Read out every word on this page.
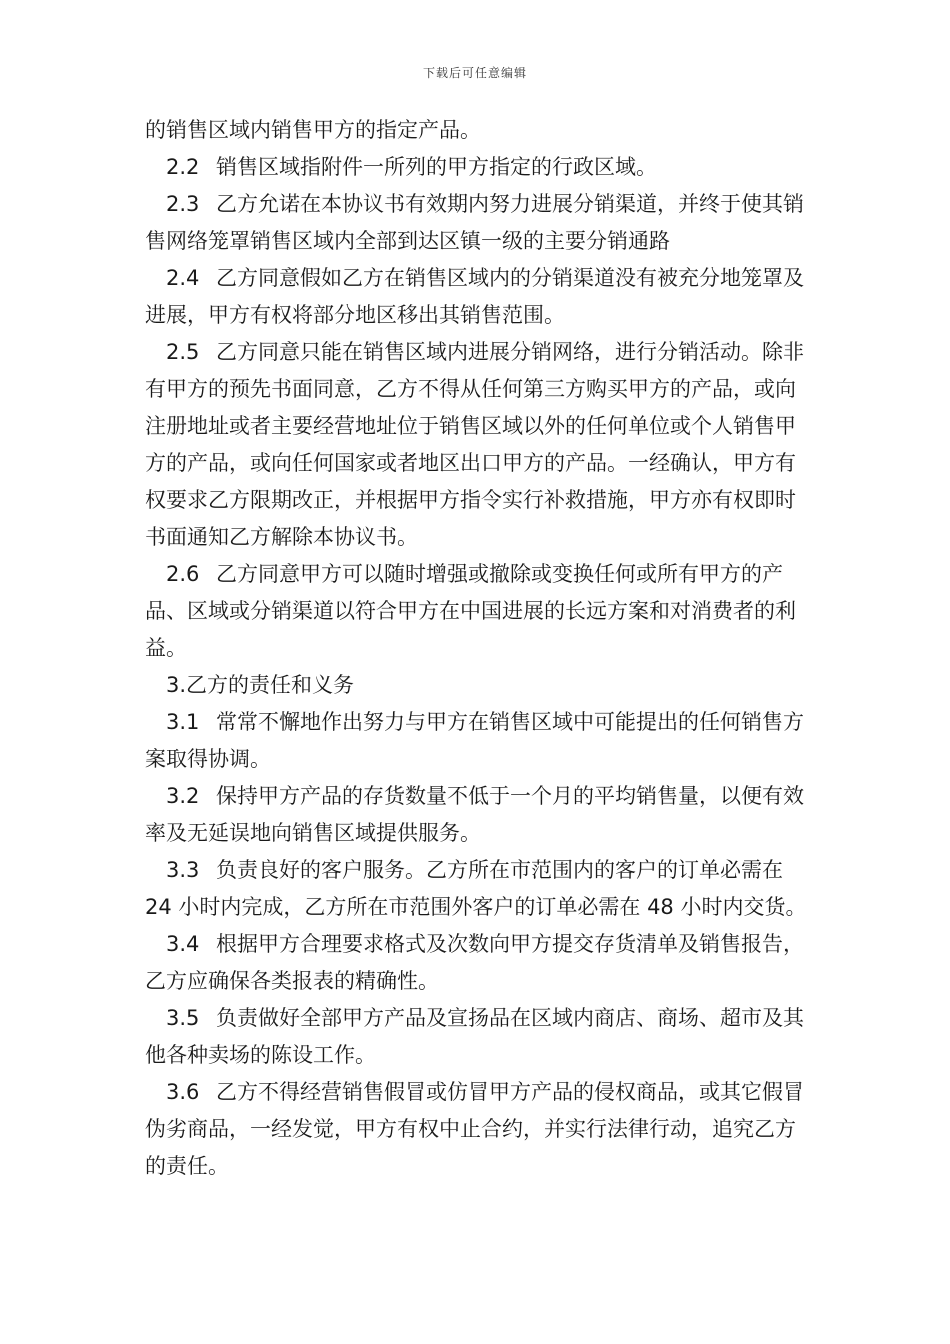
下载后可任意编辑

的销售区域内销售甲方的指定产品。

2.2 销售区域指附件一所列的甲方指定的行政区域。

2.3 乙方允诺在本协议书有效期内努力进展分销渠道，并终于使其销售网络笼罩销售区域内全部到达区镇一级的主要分销通路

2.4 乙方同意假如乙方在销售区域内的分销渠道没有被充分地笼罩及进展，甲方有权将部分地区移出其销售范围。

2.5 乙方同意只能在销售区域内进展分销网络，进行分销活动。除非有甲方的预先书面同意，乙方不得从任何第三方购买甲方的产品，或向注册地址或者主要经营地址位于销售区域以外的任何单位或个人销售甲方的产品，或向任何国家或者地区出口甲方的产品。一经确认，甲方有权要求乙方限期改正，并根据甲方指令实行补救措施，甲方亦有权即时书面通知乙方解除本协议书。

2.6 乙方同意甲方可以随时增强或撤除或变换任何或所有甲方的产品、区域或分销渠道以符合甲方在中国进展的长远方案和对消费者的利益。

3.乙方的责任和义务

3.1 常常不懈地作出努力与甲方在销售区域中可能提出的任何销售方案取得协调。

3.2 保持甲方产品的存货数量不低于一个月的平均销售量，以便有效率及无延误地向销售区域提供服务。

3.3 负责良好的客户服务。乙方所在市范围内的客户的订单必需在 24 小时内完成，乙方所在市范围外客户的订单必需在 48 小时内交货。

3.4 根据甲方合理要求格式及次数向甲方提交存货清单及销售报告，乙方应确保各类报表的精确性。

3.5 负责做好全部甲方产品及宣扬品在区域内商店、商场、超市及其他各种卖场的陈设工作。

3.6 乙方不得经营销售假冒或仿冒甲方产品的侵权商品，或其它假冒伪劣商品，一经发觉，甲方有权中止合约，并实行法律行动，追究乙方的责任。
